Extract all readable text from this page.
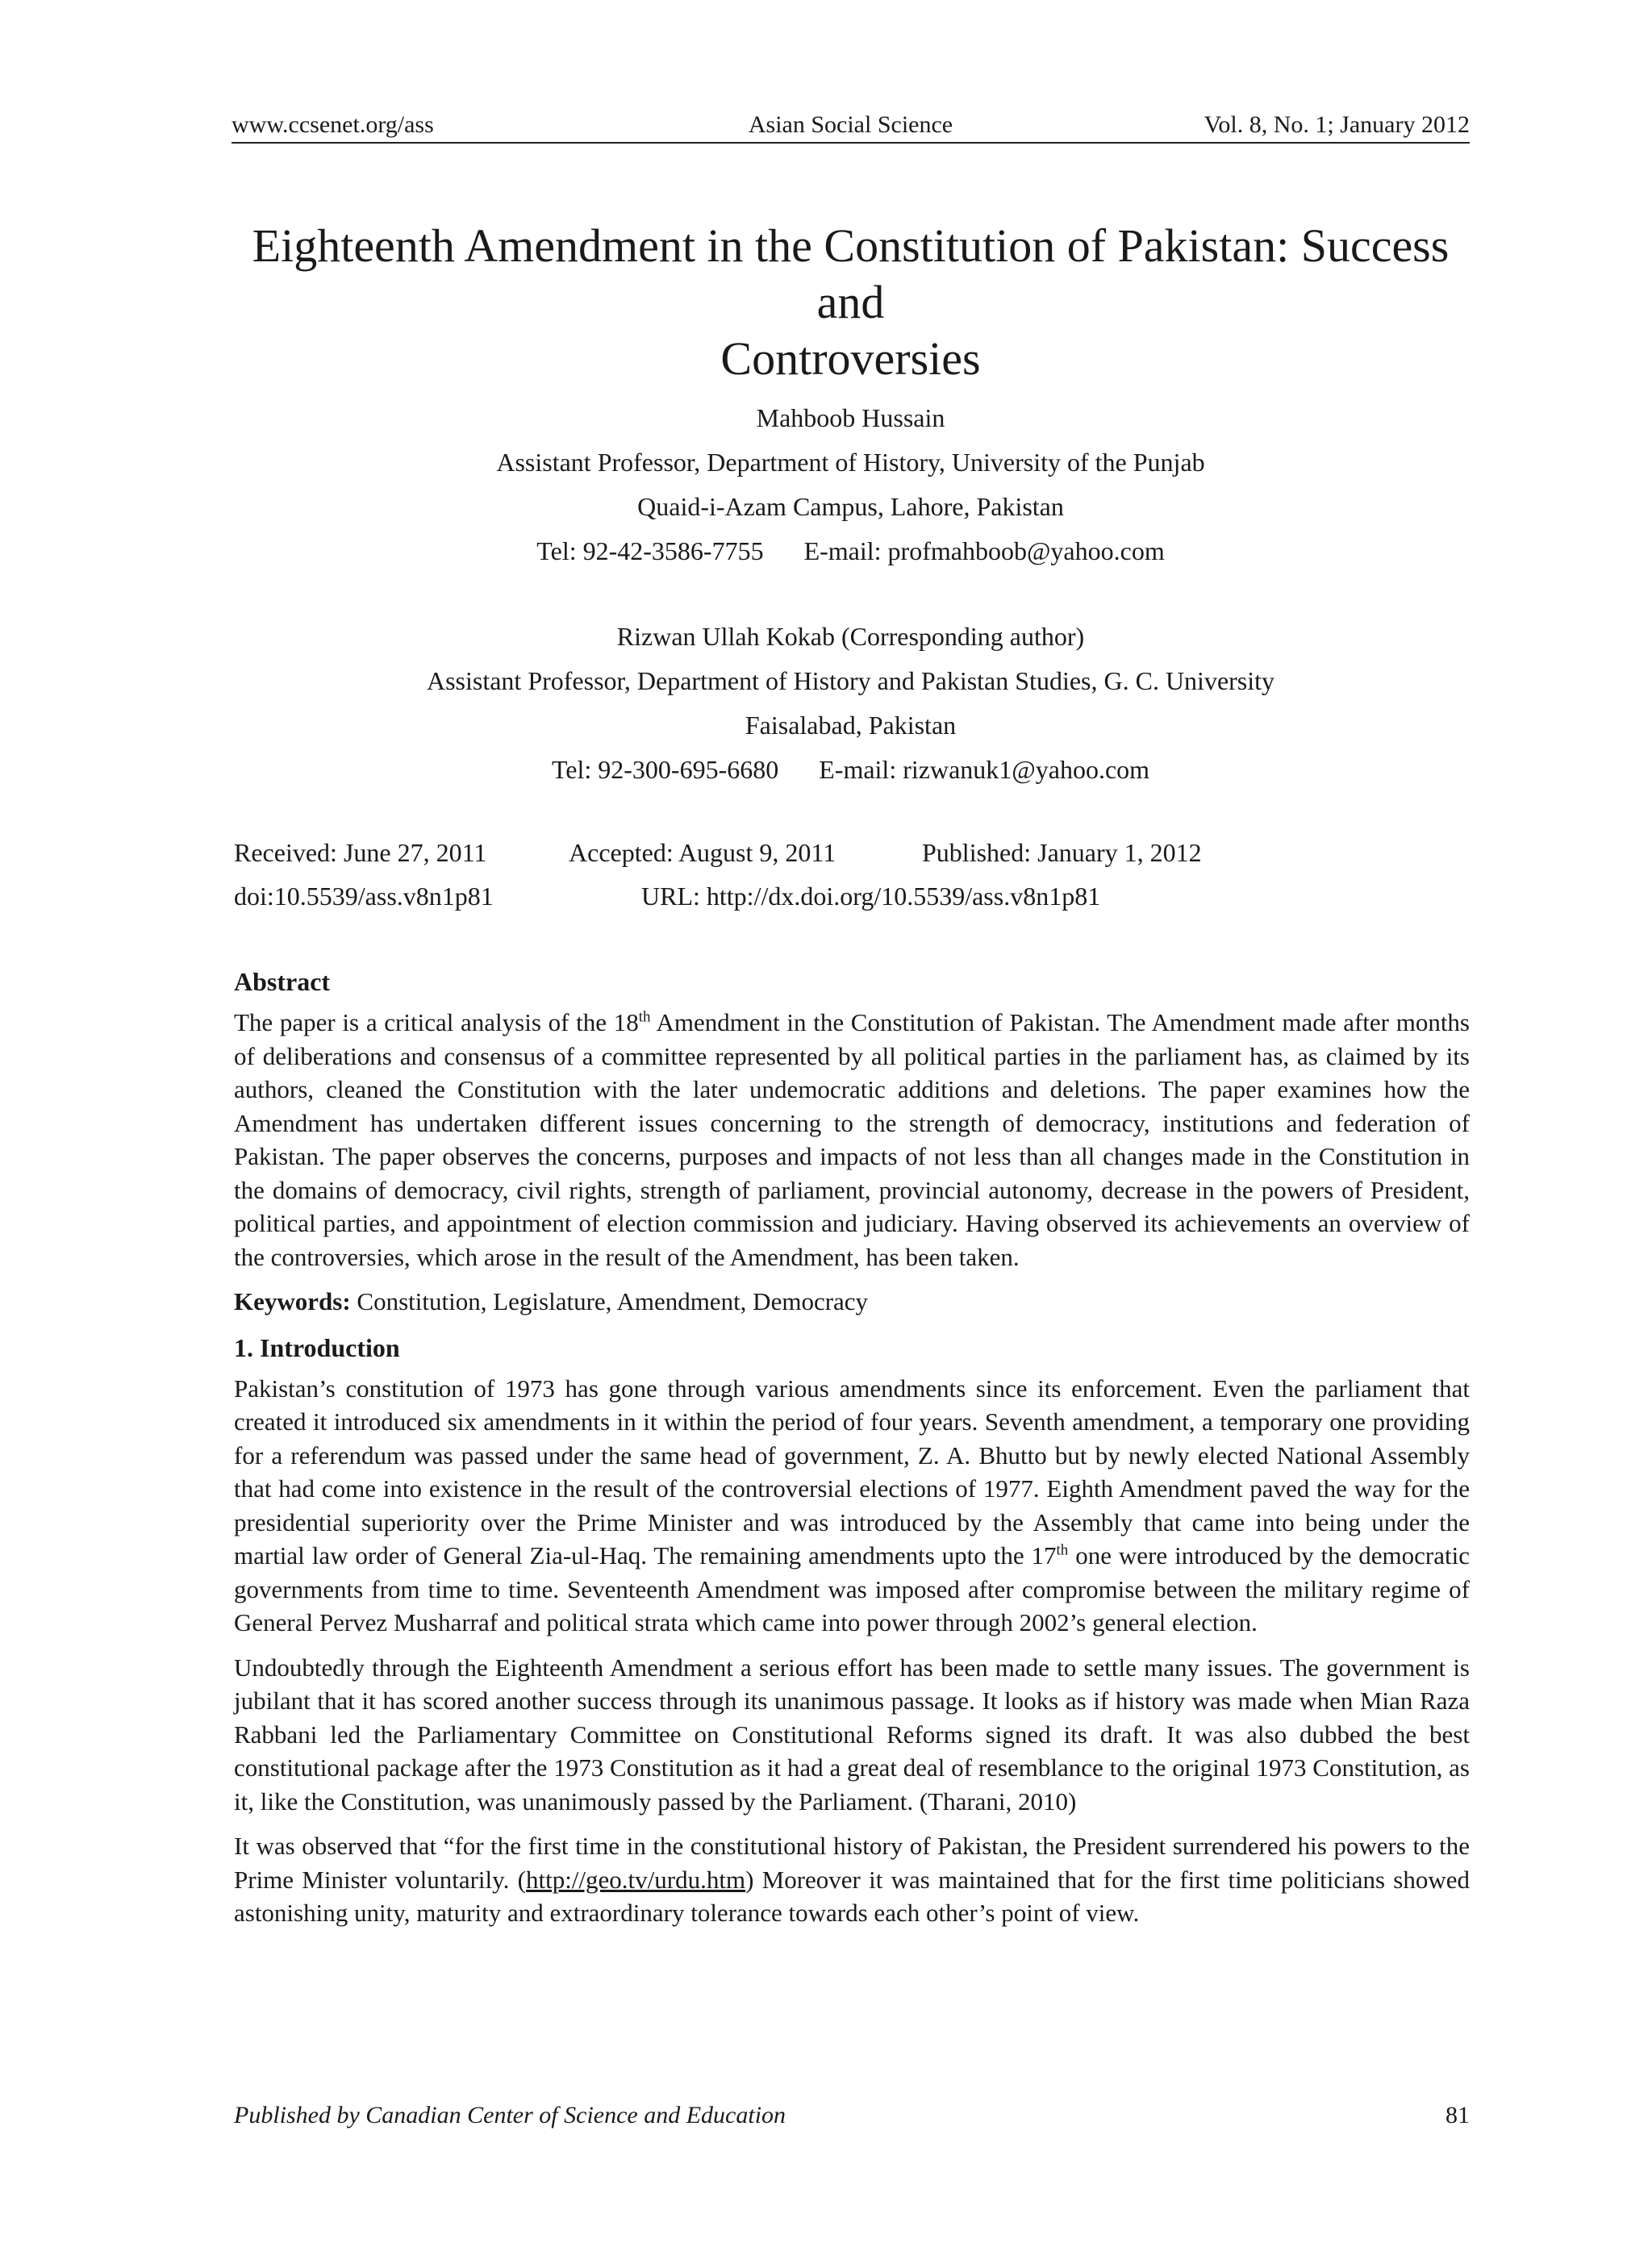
www.ccsenet.org/ass	Asian Social Science	Vol. 8, No. 1; January 2012
Eighteenth Amendment in the Constitution of Pakistan: Success and
Controversies
Mahboob Hussain
Assistant Professor, Department of History, University of the Punjab
Quaid-i-Azam Campus, Lahore, Pakistan
Tel: 92-42-3586-7755 E-mail: profmahboob@yahoo.com
Rizwan Ullah Kokab (Corresponding author)
Assistant Professor, Department of History and Pakistan Studies, G. C. University
Faisalabad, Pakistan
Tel: 92-300-695-6680 E-mail: rizwanuk1@yahoo.com
Received: June 27, 2011	Accepted: August 9, 2011	Published: January 1, 2012
doi:10.5539/ass.v8n1p81	URL: http://dx.doi.org/10.5539/ass.v8n1p81
Abstract

The paper is a critical analysis of the 18th Amendment in the Constitution of Pakistan. The Amendment made after months of deliberations and consensus of a committee represented by all political parties in the parliament has, as claimed by its authors, cleaned the Constitution with the later undemocratic additions and deletions. The paper examines how the Amendment has undertaken different issues concerning to the strength of democracy, institutions and federation of Pakistan. The paper observes the concerns, purposes and impacts of not less than all changes made in the Constitution in the domains of democracy, civil rights, strength of parliament, provincial autonomy, decrease in the powers of President, political parties, and appointment of election commission and judiciary. Having observed its achievements an overview of the controversies, which arose in the result of the Amendment, has been taken.

Keywords: Constitution, Legislature, Amendment, Democracy

1. Introduction

Pakistan’s constitution of 1973 has gone through various amendments since its enforcement. Even the parliament that created it introduced six amendments in it within the period of four years. Seventh amendment, a temporary one providing for a referendum was passed under the same head of government, Z. A. Bhutto but by newly elected National Assembly that had come into existence in the result of the controversial elections of 1977. Eighth Amendment paved the way for the presidential superiority over the Prime Minister and was introduced by the Assembly that came into being under the martial law order of General Zia-ul-Haq. The remaining amendments upto the 17th one were introduced by the democratic governments from time to time. Seventeenth Amendment was imposed after compromise between the military regime of General Pervez Musharraf and political strata which came into power through 2002’s general election.

Undoubtedly through the Eighteenth Amendment a serious effort has been made to settle many issues. The government is jubilant that it has scored another success through its unanimous passage. It looks as if history was made when Mian Raza Rabbani led the Parliamentary Committee on Constitutional Reforms signed its draft. It was also dubbed the best constitutional package after the 1973 Constitution as it had a great deal of resemblance to the original 1973 Constitution, as it, like the Constitution, was unanimously passed by the Parliament. (Tharani, 2010)

It was observed that “for the first time in the constitutional history of Pakistan, the President surrendered his powers to the Prime Minister voluntarily. (http://geo.tv/urdu.htm) Moreover it was maintained that for the first time politicians showed astonishing unity, maturity and extraordinary tolerance towards each other’s point of view.

Published by Canadian Center of Science and Education	81
